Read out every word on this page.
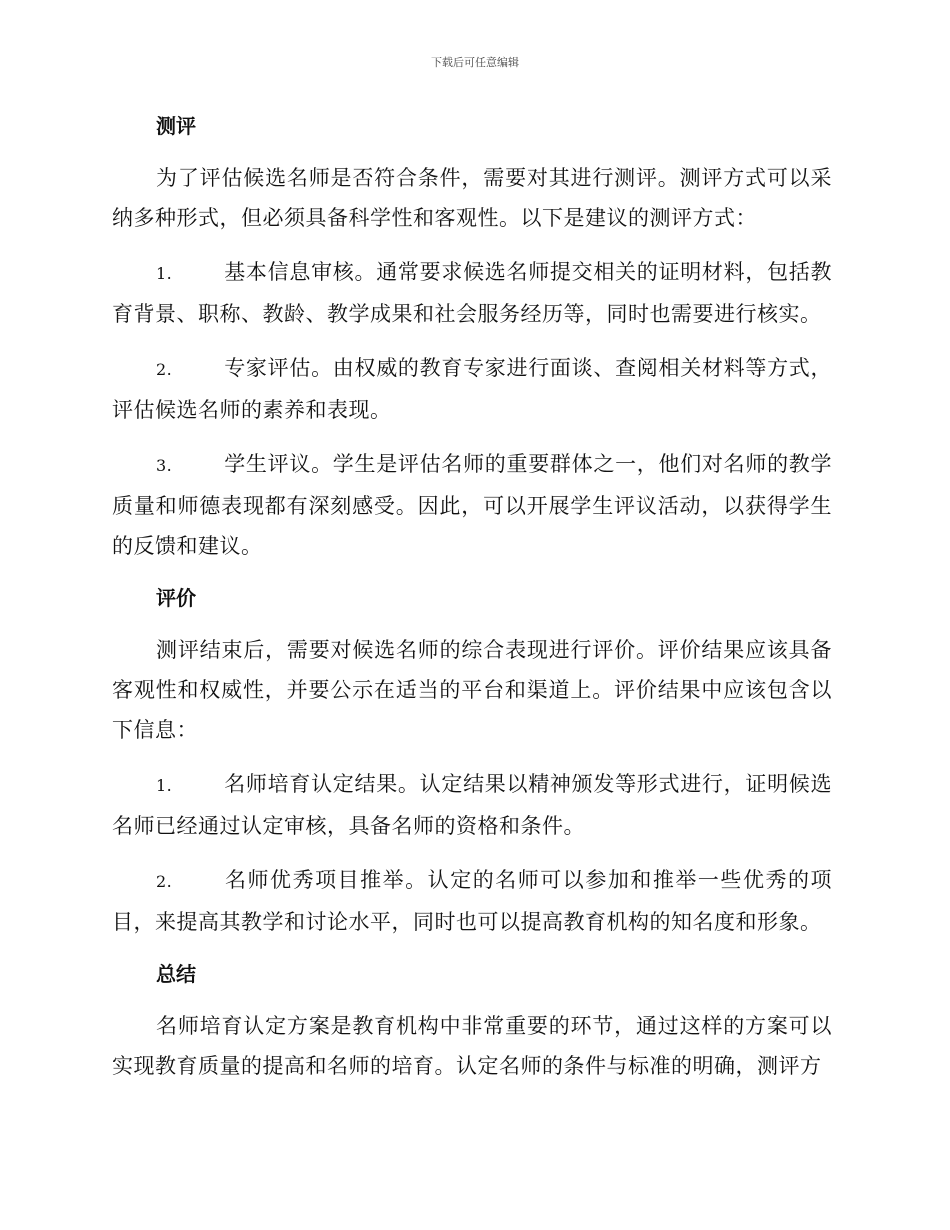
下载后可任意编辑
测评

为了评估候选名师是否符合条件，需要对其进行测评。测评方式可以采纳多种形式，但必须具备科学性和客观性。以下是建议的测评方式：

1. 基本信息审核。通常要求候选名师提交相关的证明材料，包括教育背景、职称、教龄、教学成果和社会服务经历等，同时也需要进行核实。

2. 专家评估。由权威的教育专家进行面谈、查阅相关材料等方式，评估候选名师的素养和表现。

3. 学生评议。学生是评估名师的重要群体之一，他们对名师的教学质量和师德表现都有深刻感受。因此，可以开展学生评议活动，以获得学生的反馈和建议。

评价

测评结束后，需要对候选名师的综合表现进行评价。评价结果应该具备客观性和权威性，并要公示在适当的平台和渠道上。评价结果中应该包含以下信息：

1. 名师培育认定结果。认定结果以精神颁发等形式进行，证明候选名师已经通过认定审核，具备名师的资格和条件。

2. 名师优秀项目推举。认定的名师可以参加和推举一些优秀的项目，来提高其教学和讨论水平，同时也可以提高教育机构的知名度和形象。

总结

名师培育认定方案是教育机构中非常重要的环节，通过这样的方案可以实现教育质量的提高和名师的培育。认定名师的条件与标准的明确，测评方
